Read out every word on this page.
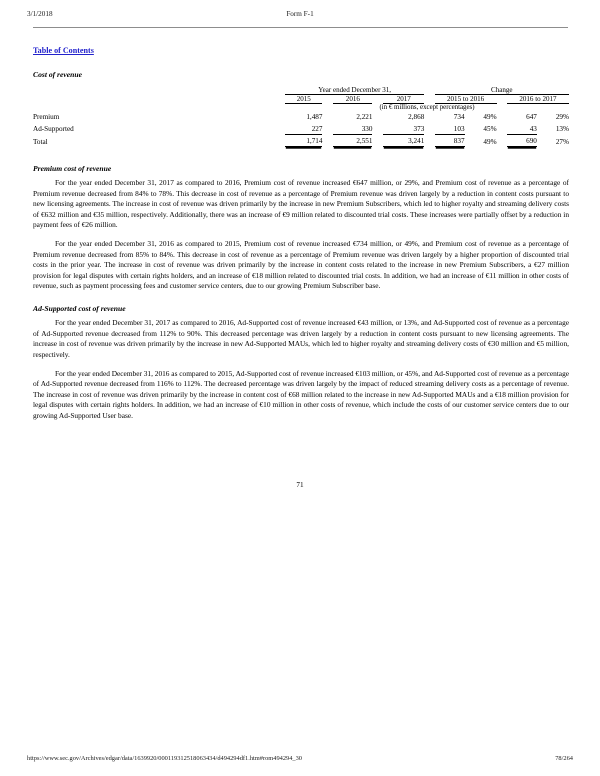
3/1/2018	Form F-1
Table of Contents
Cost of revenue
	Year ended December 31,						Change				
	2015		2016		2017		2015 to 2016			2016 to 2017	
	(in € millions, except percentages)										
Premium	1,487		2,221		2,868		734	49%		647	29%
Ad-Supported	227		330		373		103	45%		43	13%
Total	1,714		2,551		3,241		837	49%		690	27%

Premium cost of revenue

For the year ended December 31, 2017 as compared to 2016, Premium cost of revenue increased €647 million, or 29%, and Premium cost of revenue as a percentage of Premium revenue decreased from 84% to 78%. This decrease in cost of revenue as a percentage of Premium revenue was driven largely by a reduction in content costs pursuant to new licensing agreements. The increase in cost of revenue was driven primarily by the increase in new Premium Subscribers, which led to higher royalty and streaming delivery costs of €632 million and €35 million, respectively. Additionally, there was an increase of €9 million related to discounted trial costs. These increases were partially offset by a reduction in payment fees of €26 million.

For the year ended December 31, 2016 as compared to 2015, Premium cost of revenue increased €734 million, or 49%, and Premium cost of revenue as a percentage of Premium revenue decreased from 85% to 84%. This decrease in cost of revenue as a percentage of Premium revenue was driven largely by a higher proportion of discounted trial costs in the prior year. The increase in cost of revenue was driven primarily by the increase in content costs related to the increase in new Premium Subscribers, a €27 million provision for legal disputes with certain rights holders, and an increase of €18 million related to discounted trial costs. In addition, we had an increase of €11 million in other costs of revenue, such as payment processing fees and customer service centers, due to our growing Premium Subscriber base.

Ad-Supported cost of revenue

For the year ended December 31, 2017 as compared to 2016, Ad-Supported cost of revenue increased €43 million, or 13%, and Ad-Supported cost of revenue as a percentage of Ad-Supported revenue decreased from 112% to 90%. This decreased percentage was driven largely by a reduction in content costs pursuant to new licensing agreements. The increase in cost of revenue was driven primarily by the increase in new Ad-Supported MAUs, which led to higher royalty and streaming delivery costs of €30 million and €5 million, respectively.

For the year ended December 31, 2016 as compared to 2015, Ad-Supported cost of revenue increased €103 million, or 45%, and Ad-Supported cost of revenue as a percentage of Ad-Supported revenue decreased from 116% to 112%. The decreased percentage was driven largely by the impact of reduced streaming delivery costs as a percentage of revenue. The increase in cost of revenue was driven primarily by the increase in content cost of €68 million related to the increase in new Ad-Supported MAUs and a €18 million provision for legal disputes with certain rights holders. In addition, we had an increase of €10 million in other costs of revenue, which include the costs of our customer service centers due to our growing Ad-Supported User base.

71
https://www.sec.gov/Archives/edgar/data/1639920/000119312518063434/d494294df1.htm#rom494294_30	78/264
